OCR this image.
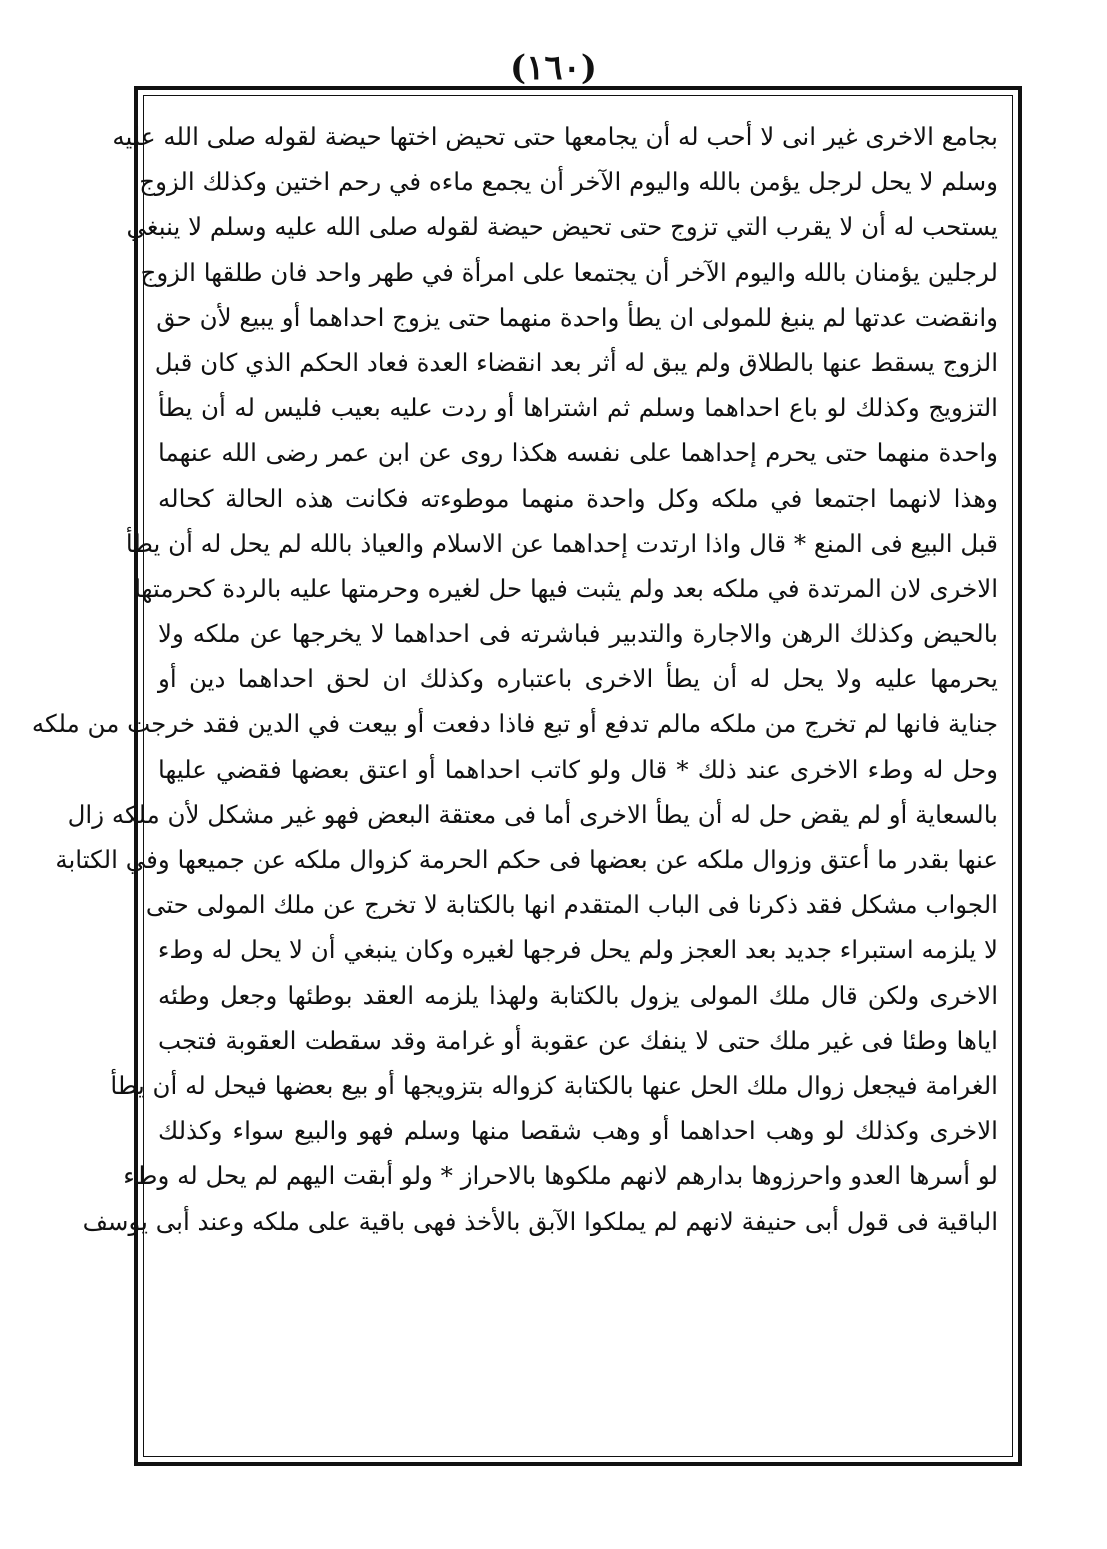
(١٦٠)
بجامع الاخرى غير انى لا أحب له أن يجامعها حتى تحيض اختها حيضة لقوله صلى الله عليه
وسلم لا يحل لرجل يؤمن بالله واليوم الآخر أن يجمع ماءه في رحم اختين وكذلك الزوج
يستحب له أن لا يقرب التي تزوج حتى تحيض حيضة لقوله صلى الله عليه وسلم لا ينبغي
لرجلين يؤمنان بالله واليوم الآخر أن يجتمعا على امرأة في طهر واحد فان طلقها الزوج
وانقضت عدتها لم ينبغ للمولى ان يطأ واحدة منهما حتى يزوج احداهما أو يبيع لأن حق
الزوج يسقط عنها بالطلاق ولم يبق له أثر بعد انقضاء العدة فعاد الحكم الذي كان قبل
التزويج وكذلك لو باع احداهما وسلم ثم اشتراها أو ردت عليه بعيب فليس له أن يطأ
واحدة منهما حتى يحرم إحداهما على نفسه هكذا روى عن ابن عمر رضى الله عنهما
وهذا لانهما اجتمعا في ملكه وكل واحدة منهما موطوءته فكانت هذه الحالة كحاله
قبل البيع فى المنع * قال واذا ارتدت إحداهما عن الاسلام والعياذ بالله لم يحل له أن يطأ
الاخرى لان المرتدة في ملكه بعد ولم يثبت فيها حل لغيره وحرمتها عليه بالردة كحرمتها
بالحيض وكذلك الرهن والاجارة والتدبير فباشرته فى احداهما لا يخرجها عن ملكه ولا
يحرمها عليه ولا يحل له أن يطأ الاخرى باعتباره وكذلك ان لحق احداهما دين أو
جناية فانها لم تخرج من ملكه مالم تدفع أو تبع فاذا دفعت أو بيعت في الدين فقد خرجت من ملكه
وحل له وطء الاخرى عند ذلك * قال ولو كاتب احداهما أو اعتق بعضها فقضي عليها
بالسعاية أو لم يقض حل له أن يطأ الاخرى أما فى معتقة البعض فهو غير مشكل لأن ملكه زال
عنها بقدر ما أعتق وزوال ملكه عن بعضها فى حكم الحرمة كزوال ملكه عن جميعها وفي الكتابة
الجواب مشكل فقد ذكرنا فى الباب المتقدم انها بالكتابة لا تخرج عن ملك المولى حتى
لا يلزمه استبراء جديد بعد العجز ولم يحل فرجها لغيره وكان ينبغي أن لا يحل له وطء
الاخرى ولكن قال ملك المولى يزول بالكتابة ولهذا يلزمه العقد بوطئها وجعل وطئه
اياها وطئا فى غير ملك حتى لا ينفك عن عقوبة أو غرامة وقد سقطت العقوبة فتجب
الغرامة فيجعل زوال ملك الحل عنها بالكتابة كزواله بتزويجها أو بيع بعضها فيحل له أن يطأ
الاخرى وكذلك لو وهب احداهما أو وهب شقصا منها وسلم فهو والبيع سواء وكذلك
لو أسرها العدو واحرزوها بدارهم لانهم ملكوها بالاحراز * ولو أبقت اليهم لم يحل له وطء
الباقية فى قول أبى حنيفة لانهم لم يملكوا الآبق بالأخذ فهى باقية على ملكه وعند أبى يوسف
